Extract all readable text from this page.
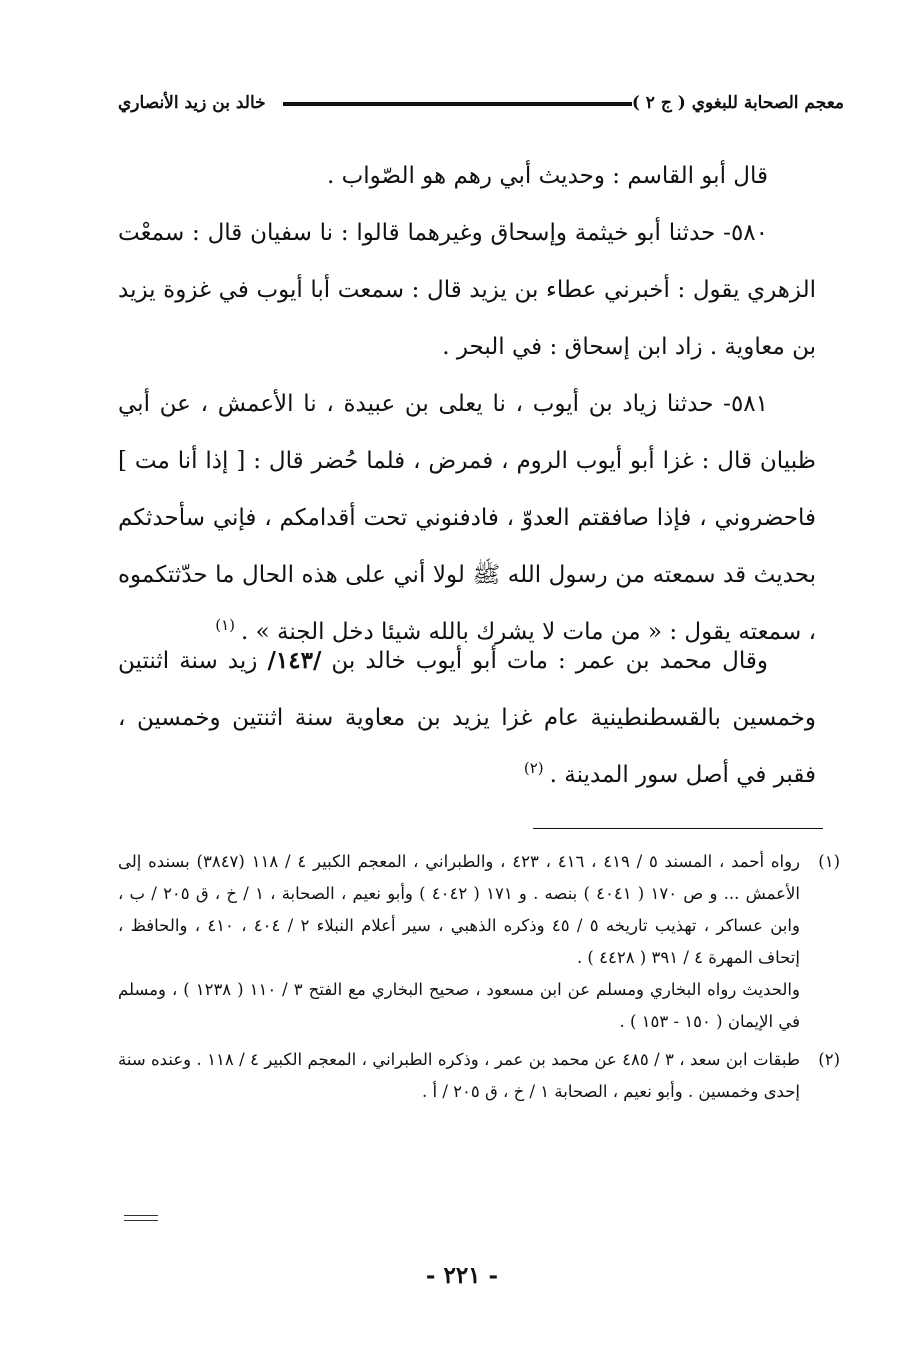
معجم الصحابة للبغوي ( ج ٢ )
خالد بن زيد الأنصاري

قال أبو القاسم : وحديث أبي رهم هو الصّواب .

٥٨٠- حدثنا أبو خيثمة وإسحاق وغيرهما قالوا : نا سفيان قال : سمعْت الزهري يقول : أخبرني عطاء بن يزيد قال : سمعت أبا أيوب في غزوة يزيد بن معاوية . زاد ابن إسحاق : في البحر .

٥٨١- حدثنا زياد بن أيوب ، نا يعلى بن عبيدة ، نا الأعمش ، عن أبي ظبيان قال : غزا أبو أيوب الروم ، فمرض ، فلما حُضر قال : [ إذا أنا مت ] فاحضروني ، فإذا صافقتم العدوّ ، فادفنوني تحت أقدامكم ، فإني سأحدثكم بحديث قد سمعته من رسول الله ﷺ لولا أني على هذه الحال ما حدّثتكموه ، سمعته يقول : « من مات لا يشرك بالله شيئا دخل الجنة » .$^{(١)}$

وقال محمد بن عمر : مات أبو أيوب خالد بن /١٤٣/ زيد سنة اثنتين وخمسين بالقسطنطينية عام غزا يزيد بن معاوية سنة اثنتين وخمسين ، فقبر في أصل سور المدينة .$^{(٢)}$

(١)

رواه أحمد ، المسند ٥ / ٤١٩ ، ٤١٦ ، ٤٢٣ ، والطبراني ، المعجم الكبير ٤ / ١١٨ (٣٨٤٧) بسنده إلى الأعمش ... و ص ١٧٠ ( ٤٠٤١ ) بنصه . و ١٧١ ( ٤٠٤٢ ) وأبو نعيم ، الصحابة ، ١ / خ ، ق ٢٠٥ / ب ، وابن عساكر ، تهذيب تاريخه ٥ / ٤٥ وذكره الذهبي ، سير أعلام النبلاء ٢ / ٤٠٤ ، ٤١٠ ، والحافظ ، إتحاف المهرة ٤ / ٣٩١ ( ٤٤٢٨ ) .

والحديث رواه البخاري ومسلم عن ابن مسعود ، صحيح البخاري مع الفتح ٣ / ١١٠ ( ١٢٣٨ ) ، ومسلم في الإيمان ( ١٥٠ - ١٥٣ ) .

(٢)

طبقات ابن سعد ، ٣ / ٤٨٥ عن محمد بن عمر ، وذكره الطبراني ، المعجم الكبير ٤ / ١١٨ . وعنده سنة إحدى وخمسين . وأبو نعيم ، الصحابة ١ / خ ، ق ٢٠٥ / أ .

- ٢٢١ -
